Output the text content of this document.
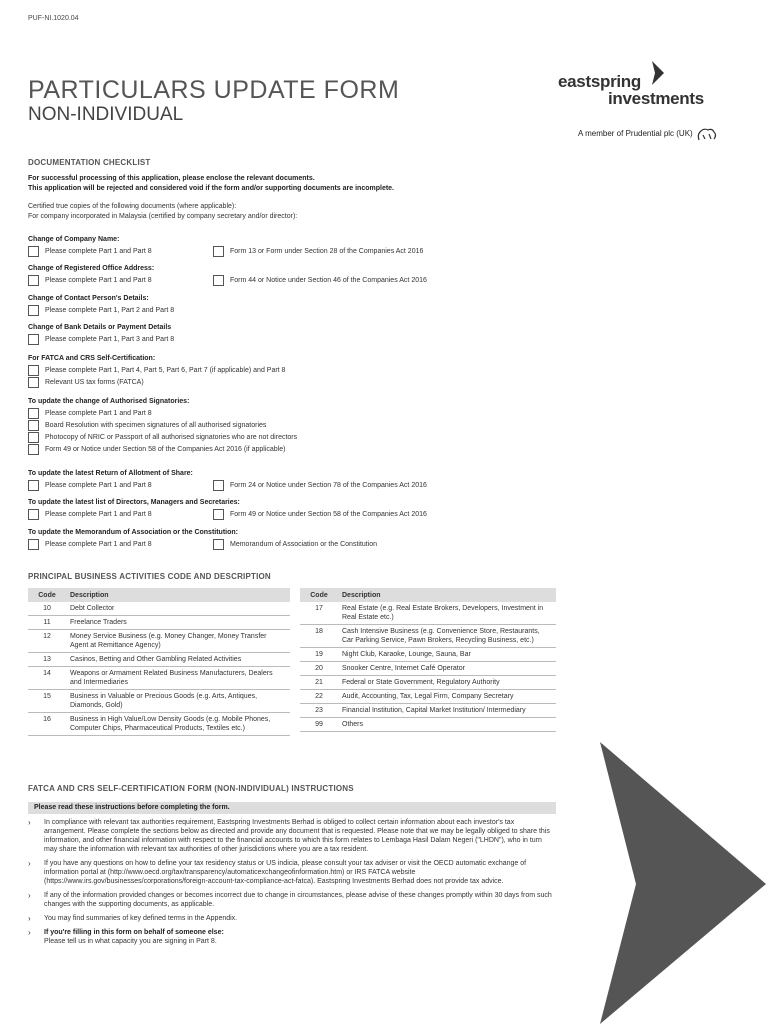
PUF-NI.1020.04
PARTICULARS UPDATE FORM
NON-INDIVIDUAL
eastspring
investments
A member of Prudential plc (UK)
DOCUMENTATION CHECKLIST
For successful processing of this application, please enclose the relevant documents.
This application will be rejected and considered void if the form and/or supporting documents are incomplete.
Certified true copies of the following documents (where applicable):
For company incorporated in Malaysia (certified by company secretary and/or director):
Change of Company Name:
Please complete Part 1 and Part 8	Form 13 or Form under Section 28 of the Companies Act 2016
Change of Registered Office Address:
Please complete Part 1 and Part 8	Form 44 or Notice under Section 46 of the Companies Act 2016
Change of Contact Person's Details:
Please complete Part 1, Part 2 and Part 8
Change of Bank Details or Payment Details
Please complete Part 1, Part 3 and Part 8
For FATCA and CRS Self-Certification:
Please complete Part 1, Part 4, Part 5, Part 6, Part 7 (if applicable) and Part 8
Relevant US tax forms (FATCA)
To update the change of Authorised Signatories:
Please complete Part 1 and Part 8
Board Resolution with specimen signatures of all authorised signatories
Photocopy of NRIC or Passport of all authorised signatories who are not directors
Form 49 or Notice under Section 58 of the Companies Act 2016 (if applicable)
To update the latest Return of Allotment of Share:
Please complete Part 1 and Part 8	Form 24 or Notice under Section 78 of the Companies Act 2016
To update the latest list of Directors, Managers and Secretaries:
Please complete Part 1 and Part 8	Form 49 or Notice under Section 58 of the Companies Act 2016
To update the Memorandum of Association or the Constitution:
Please complete Part 1 and Part 8	Memorandum of Association or the Constitution
PRINCIPAL BUSINESS ACTIVITIES CODE AND DESCRIPTION
Code	Description
10	Debt Collector
11	Freelance Traders
12	Money Service Business (e.g. Money Changer, Money Transfer Agent at Remittance Agency)
13	Casinos, Betting and Other Gambling Related Activities
14	Weapons or Armament Related Business Manufacturers, Dealers and Intermediaries
15	Business in Valuable or Precious Goods (e.g. Arts, Antiques, Diamonds, Gold)
16	Business in High Value/Low Density Goods (e.g. Mobile Phones, Computer Chips, Pharmaceutical Products, Textiles etc.)
Code	Description
17	Real Estate (e.g. Real Estate Brokers, Developers, Investment in Real Estate etc.)
18	Cash Intensive Business (e.g. Convenience Store, Restaurants, Car Parking Service, Pawn Brokers, Recycling Business, etc.)
19	Night Club, Karaoke, Lounge, Sauna, Bar
20	Snooker Centre, Internet Café Operator
21	Federal or State Government, Regulatory Authority
22	Audit, Accounting, Tax, Legal Firm, Company Secretary
23	Financial Institution, Capital Market Institution/ Intermediary
99	Others
FATCA AND CRS SELF-CERTIFICATION FORM (NON-INDIVIDUAL) INSTRUCTIONS
Please read these instructions before completing the form.
›	In compliance with relevant tax authorities requirement, Eastspring Investments Berhad is obliged to collect certain information about each investor's tax arrangement. Please complete the sections below as directed and provide any document that is requested. Please note that we may be legally obliged to share this information, and other financial information with respect to the financial accounts to which this form relates to Lembaga Hasil Dalam Negeri ("LHDN"), who in turn may share the information with relevant tax authorities of other jurisdictions where you are a tax resident.
›	If you have any questions on how to define your tax residency status or US indicia, please consult your tax adviser or visit the OECD automatic exchange of information portal at (http://www.oecd.org/tax/transparency/automaticexchangeofinformation.htm) or IRS FATCA website (https://www.irs.gov/businesses/corporations/foreign-account-tax-compliance-act-fatca). Eastspring Investments Berhad does not provide tax advice.
›	If any of the information provided changes or becomes incorrect due to change in circumstances, please advise of these changes promptly within 30 days from such changes with the supporting documents, as applicable.
›	You may find summaries of key defined terms in the Appendix.
›	If you're filling in this form on behalf of someone else:
Please tell us in what capacity you are signing in Part 8.
